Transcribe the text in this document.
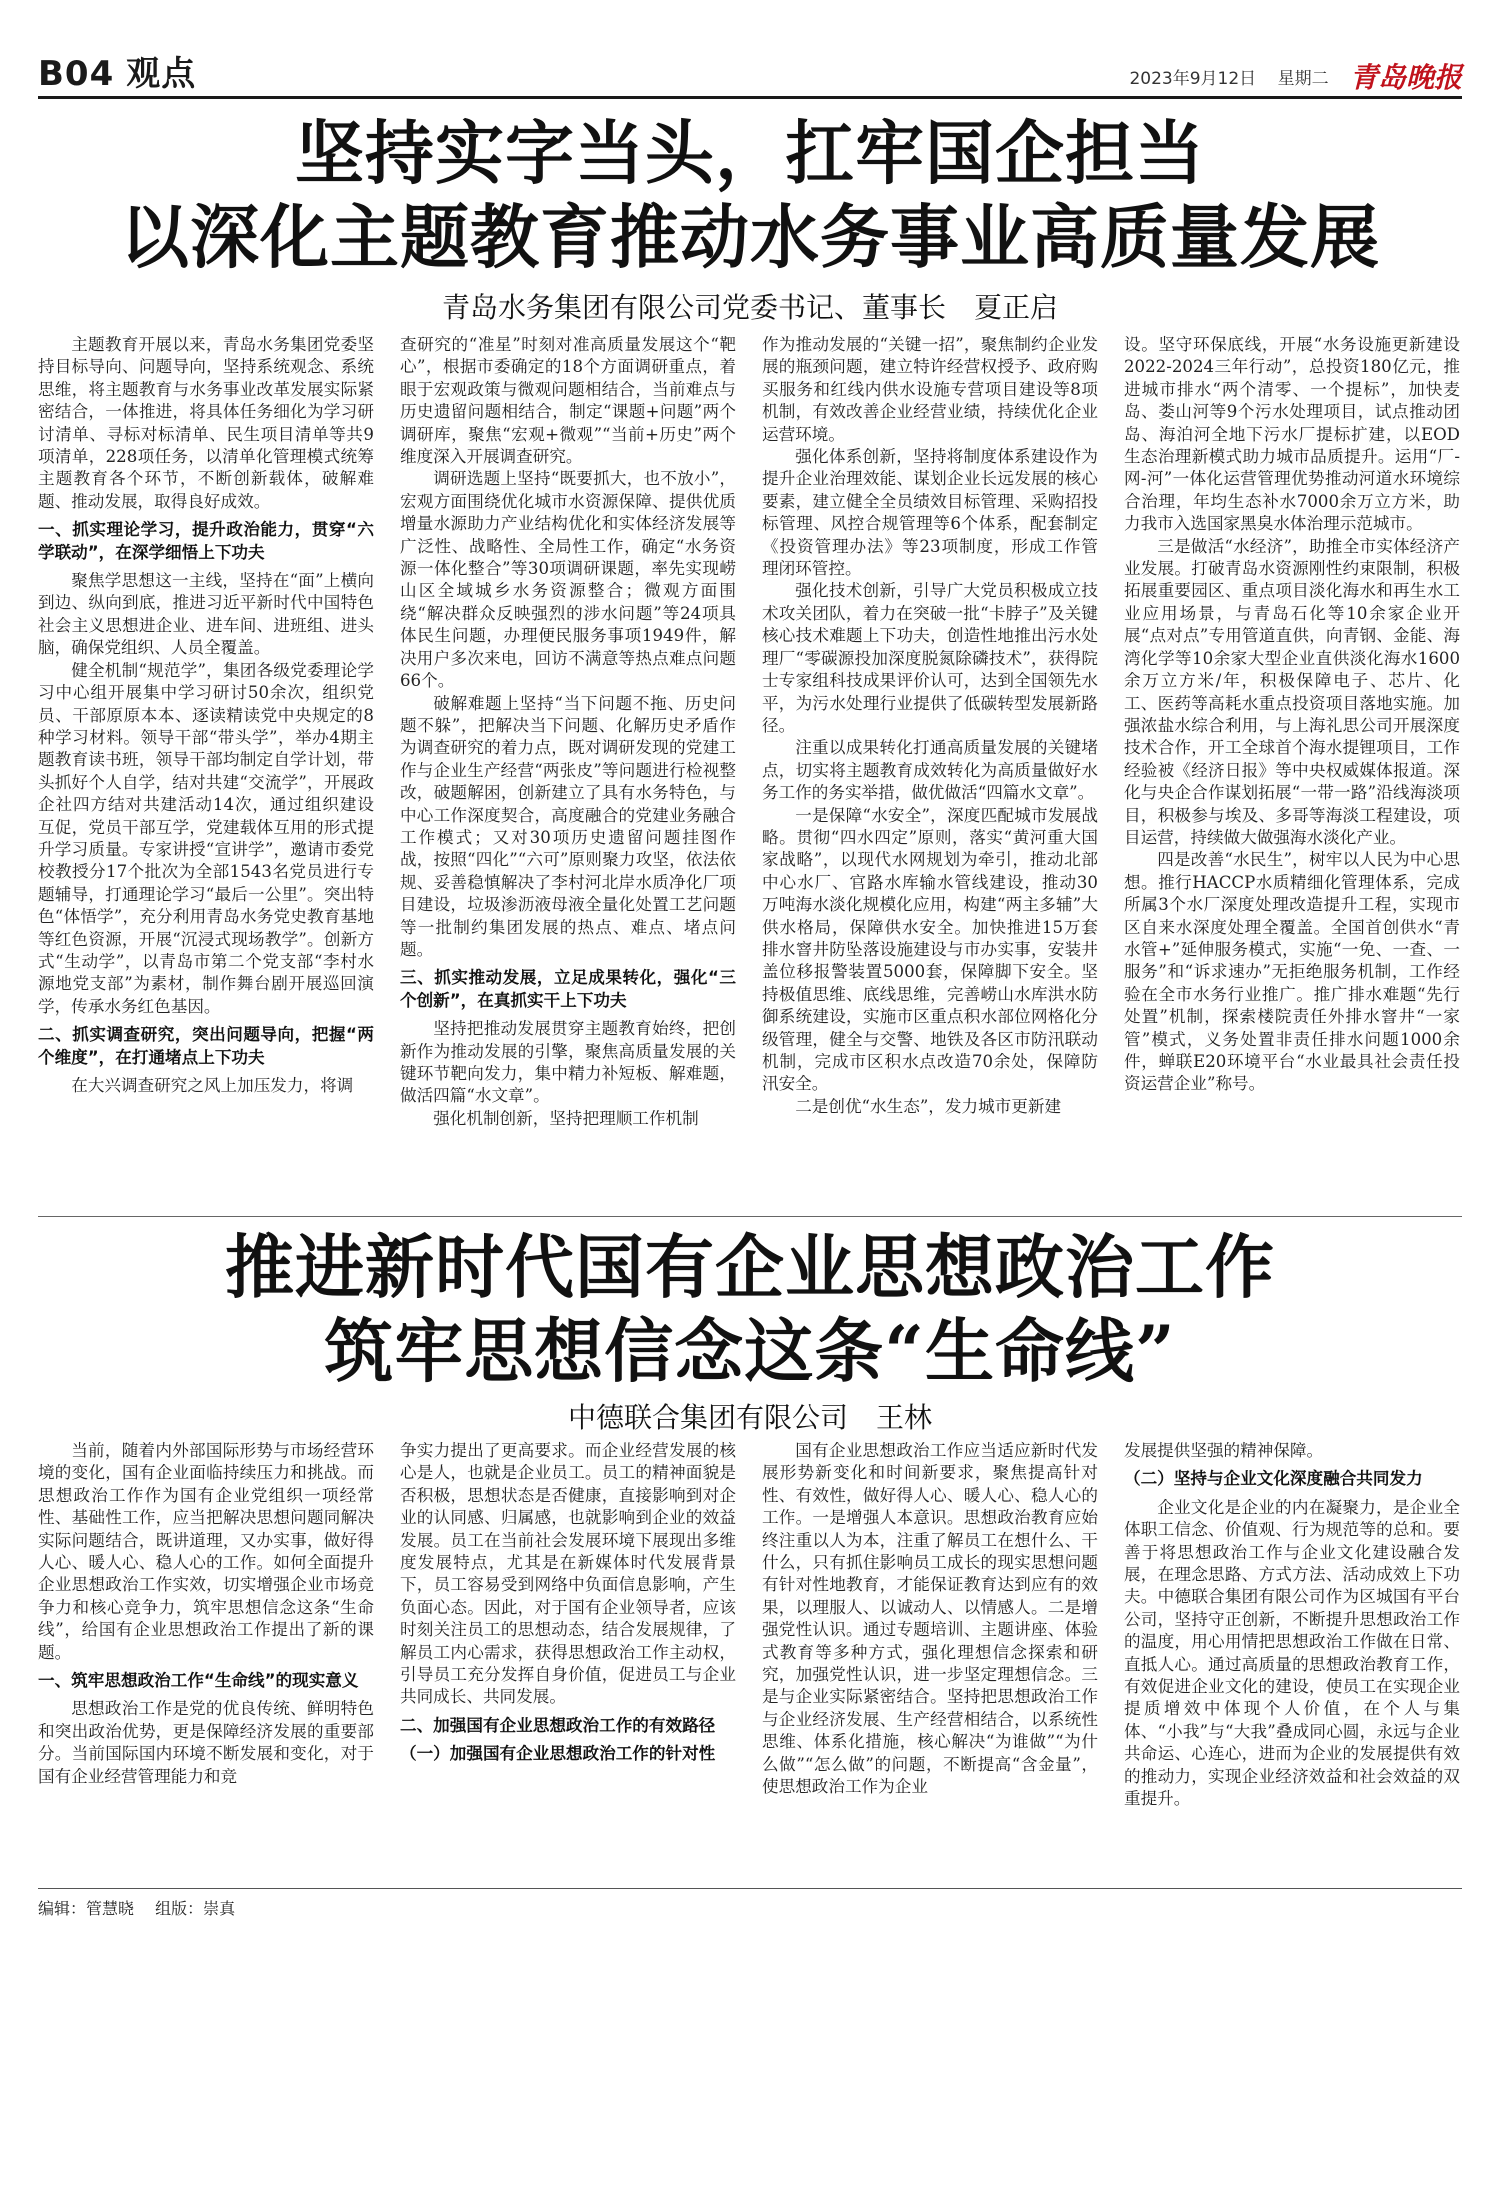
B04 观点	2023年9月12日 星期二 青岛晚报
坚持实字当头，扛牢国企担当
以深化主题教育推动水务事业高质量发展
青岛水务集团有限公司党委书记、董事长　夏正启

主题教育开展以来，青岛水务集团党委坚持目标导向、问题导向，坚持系统观念、系统思维，将主题教育与水务事业改革发展实际紧密结合，一体推进，将具体任务细化为学习研讨清单、寻标对标清单、民生项目清单等共9项清单，228项任务，以清单化管理模式统筹主题教育各个环节，不断创新载体，破解难题、推动发展，取得良好成效。

一、抓实理论学习，提升政治能力，贯穿“六学联动”，在深学细悟上下功夫

聚焦学思想这一主线，坚持在“面”上横向到边、纵向到底，推进习近平新时代中国特色社会主义思想进企业、进车间、进班组、进头脑，确保党组织、人员全覆盖。

健全机制“规范学”，集团各级党委理论学习中心组开展集中学习研讨50余次，组织党员、干部原原本本、逐读精读党中央规定的8种学习材料。领导干部“带头学”，举办4期主题教育读书班，领导干部均制定自学计划，带头抓好个人自学，结对共建“交流学”，开展政企社四方结对共建活动14次，通过组织建设互促，党员干部互学，党建载体互用的形式提升学习质量。专家讲授“宣讲学”，邀请市委党校教授分17个批次为全部1543名党员进行专题辅导，打通理论学习“最后一公里”。突出特色“体悟学”，充分利用青岛水务党史教育基地等红色资源，开展“沉浸式现场教学”。创新方式“生动学”，以青岛市第二个党支部“李村水源地党支部”为素材，制作舞台剧开展巡回演学，传承水务红色基因。

二、抓实调查研究，突出问题导向，把握“两个维度”，在打通堵点上下功夫

在大兴调查研究之风上加压发力，将调

查研究的“准星”时刻对准高质量发展这个“靶心”，根据市委确定的18个方面调研重点，着眼于宏观政策与微观问题相结合，当前难点与历史遗留问题相结合，制定“课题+问题”两个调研库，聚焦“宏观+微观”“当前+历史”两个维度深入开展调查研究。

调研选题上坚持“既要抓大，也不放小”，宏观方面围绕优化城市水资源保障、提供优质增量水源助力产业结构优化和实体经济发展等广泛性、战略性、全局性工作，确定“水务资源一体化整合”等30项调研课题，率先实现崂山区全域城乡水务资源整合；微观方面围绕“解决群众反映强烈的涉水问题”等24项具体民生问题，办理便民服务事项1949件，解决用户多次来电，回访不满意等热点难点问题66个。

破解难题上坚持“当下问题不拖、历史问题不躲”，把解决当下问题、化解历史矛盾作为调查研究的着力点，既对调研发现的党建工作与企业生产经营“两张皮”等问题进行检视整改，破题解困，创新建立了具有水务特色，与中心工作深度契合，高度融合的党建业务融合工作模式；又对30项历史遗留问题挂图作战，按照“四化”“六可”原则聚力攻坚，依法依规、妥善稳慎解决了李村河北岸水质净化厂项目建设，垃圾渗沥液母液全量化处置工艺问题等一批制约集团发展的热点、难点、堵点问题。

三、抓实推动发展，立足成果转化，强化“三个创新”，在真抓实干上下功夫

坚持把推动发展贯穿主题教育始终，把创新作为推动发展的引擎，聚焦高质量发展的关键环节靶向发力，集中精力补短板、解难题，做活四篇“水文章”。

强化机制创新，坚持把理顺工作机制

作为推动发展的“关键一招”，聚焦制约企业发展的瓶颈问题，建立特许经营权授予、政府购买服务和红线内供水设施专营项目建设等8项机制，有效改善企业经营业绩，持续优化企业运营环境。

强化体系创新，坚持将制度体系建设作为提升企业治理效能、谋划企业长远发展的核心要素，建立健全全员绩效目标管理、采购招投标管理、风控合规管理等6个体系，配套制定《投资管理办法》等23项制度，形成工作管理闭环管控。

强化技术创新，引导广大党员积极成立技术攻关团队，着力在突破一批“卡脖子”及关键核心技术难题上下功夫，创造性地推出污水处理厂“零碳源投加深度脱氮除磷技术”，获得院士专家组科技成果评价认可，达到全国领先水平，为污水处理行业提供了低碳转型发展新路径。

注重以成果转化打通高质量发展的关键堵点，切实将主题教育成效转化为高质量做好水务工作的务实举措，做优做活“四篇水文章”。

一是保障“水安全”，深度匹配城市发展战略。贯彻“四水四定”原则，落实“黄河重大国家战略”，以现代水网规划为牵引，推动北部中心水厂、官路水库输水管线建设，推动30万吨海水淡化规模化应用，构建“两主多辅”大供水格局，保障供水安全。加快推进15万套排水窨井防坠落设施建设与市办实事，安装井盖位移报警装置5000套，保障脚下安全。坚持极值思维、底线思维，完善崂山水库洪水防御系统建设，实施市区重点积水部位网格化分级管理，健全与交警、地铁及各区市防汛联动机制，完成市区积水点改造70余处，保障防汛安全。

二是创优“水生态”，发力城市更新建

设。坚守环保底线，开展“水务设施更新建设2022-2024三年行动”，总投资180亿元，推进城市排水“两个清零、一个提标”，加快麦岛、娄山河等9个污水处理项目，试点推动团岛、海泊河全地下污水厂提标扩建，以EOD生态治理新模式助力城市品质提升。运用“厂-网-河”一体化运营管理优势推动河道水环境综合治理，年均生态补水7000余万立方米，助力我市入选国家黑臭水体治理示范城市。

三是做活“水经济”，助推全市实体经济产业发展。打破青岛水资源刚性约束限制，积极拓展重要园区、重点项目淡化海水和再生水工业应用场景，与青岛石化等10余家企业开展“点对点”专用管道直供，向青钢、金能、海湾化学等10余家大型企业直供淡化海水1600余万立方米/年，积极保障电子、芯片、化工、医药等高耗水重点投资项目落地实施。加强浓盐水综合利用，与上海礼思公司开展深度技术合作，开工全球首个海水提锂项目，工作经验被《经济日报》等中央权威媒体报道。深化与央企合作谋划拓展“一带一路”沿线海淡项目，积极参与埃及、多哥等海淡工程建设，项目运营，持续做大做强海水淡化产业。

四是改善“水民生”，树牢以人民为中心思想。推行HACCP水质精细化管理体系，完成所属3个水厂深度处理改造提升工程，实现市区自来水深度处理全覆盖。全国首创供水“青水管+”延伸服务模式，实施“一免、一查、一服务”和“诉求速办”无拒绝服务机制，工作经验在全市水务行业推广。推广排水难题“先行处置”机制，探索楼院责任外排水窨井“一家管”模式，义务处置非责任排水问题1000余件，蝉联E20环境平台“水业最具社会责任投资运营企业”称号。

推进新时代国有企业思想政治工作
筑牢思想信念这条“生命线”
中德联合集团有限公司　王林

当前，随着内外部国际形势与市场经营环境的变化，国有企业面临持续压力和挑战。而思想政治工作作为国有企业党组织一项经常性、基础性工作，应当把解决思想问题同解决实际问题结合，既讲道理，又办实事，做好得人心、暖人心、稳人心的工作。如何全面提升企业思想政治工作实效，切实增强企业市场竞争力和核心竞争力，筑牢思想信念这条“生命线”，给国有企业思想政治工作提出了新的课题。

一、筑牢思想政治工作“生命线”的现实意义

思想政治工作是党的优良传统、鲜明特色和突出政治优势，更是保障经济发展的重要部分。当前国际国内环境不断发展和变化，对于国有企业经营管理能力和竞

争实力提出了更高要求。而企业经营发展的核心是人，也就是企业员工。员工的精神面貌是否积极，思想状态是否健康，直接影响到对企业的认同感、归属感，也就影响到企业的效益发展。员工在当前社会发展环境下展现出多维度发展特点，尤其是在新媒体时代发展背景下，员工容易受到网络中负面信息影响，产生负面心态。因此，对于国有企业领导者，应该时刻关注员工的思想动态，结合发展规律，了解员工内心需求，获得思想政治工作主动权，引导员工充分发挥自身价值，促进员工与企业共同成长、共同发展。

二、加强国有企业思想政治工作的有效路径

（一）加强国有企业思想政治工作的针对性

国有企业思想政治工作应当适应新时代发展形势新变化和时间新要求，聚焦提高针对性、有效性，做好得人心、暖人心、稳人心的工作。一是增强人本意识。思想政治教育应始终注重以人为本，注重了解员工在想什么、干什么，只有抓住影响员工成长的现实思想问题有针对性地教育，才能保证教育达到应有的效果，以理服人、以诚动人、以情感人。二是增强党性认识。通过专题培训、主题讲座、体验式教育等多种方式，强化理想信念探索和研究，加强党性认识，进一步坚定理想信念。三是与企业实际紧密结合。坚持把思想政治工作与企业经济发展、生产经营相结合，以系统性思维、体系化措施，核心解决“为谁做”“为什么做”“怎么做”的问题，不断提高“含金量”，使思想政治工作为企业

发展提供坚强的精神保障。

（二）坚持与企业文化深度融合共同发力

企业文化是企业的内在凝聚力，是企业全体职工信念、价值观、行为规范等的总和。要善于将思想政治工作与企业文化建设融合发展，在理念思路、方式方法、活动成效上下功夫。中德联合集团有限公司作为区城国有平台公司，坚持守正创新，不断提升思想政治工作的温度，用心用情把思想政治工作做在日常、直抵人心。通过高质量的思想政治教育工作，有效促进企业文化的建设，使员工在实现企业提质增效中体现个人价值，在个人与集体、“小我”与“大我”叠成同心圆，永远与企业共命运、心连心，进而为企业的发展提供有效的推动力，实现企业经济效益和社会效益的双重提升。

编辑：管慧晓 组版：崇真
